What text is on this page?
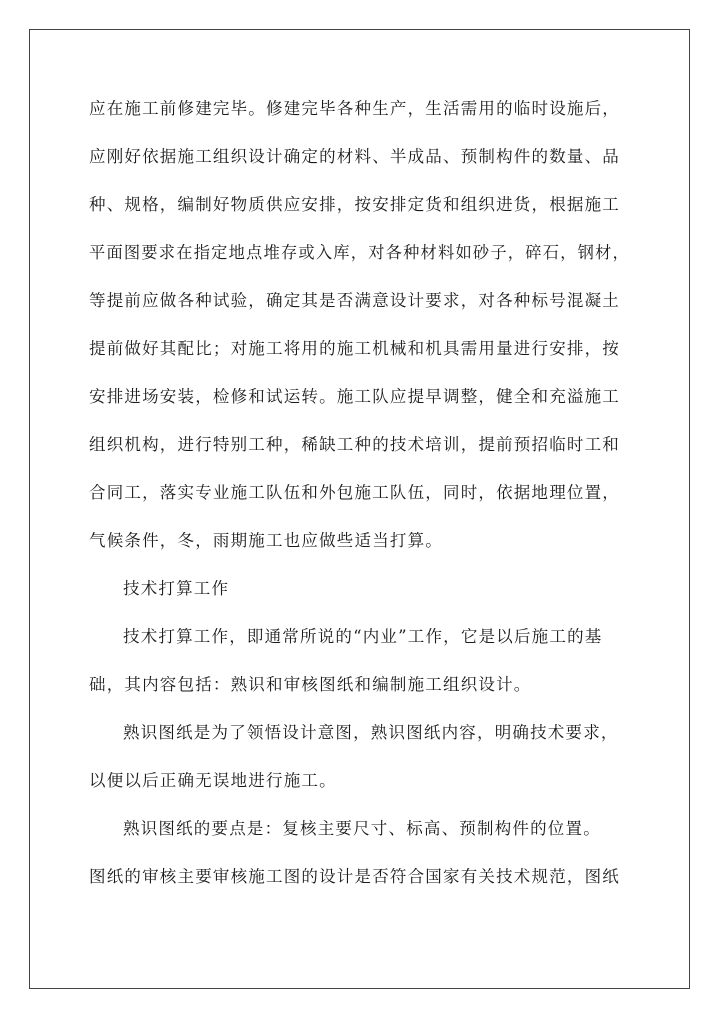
应在施工前修建完毕。修建完毕各种生产，生活需用的临时设施后，
应刚好依据施工组织设计确定的材料、半成品、预制构件的数量、品
种、规格，编制好物质供应安排，按安排定货和组织进货，根据施工
平面图要求在指定地点堆存或入库，对各种材料如砂子，碎石，钢材，
等提前应做各种试验，确定其是否满意设计要求，对各种标号混凝土
提前做好其配比；对施工将用的施工机械和机具需用量进行安排，按
安排进场安装，检修和试运转。施工队应提早调整，健全和充溢施工
组织机构，进行特别工种，稀缺工种的技术培训，提前预招临时工和
合同工，落实专业施工队伍和外包施工队伍，同时，依据地理位置，
气候条件，冬，雨期施工也应做些适当打算。
技术打算工作
技术打算工作，即通常所说的“内业”工作，它是以后施工的基
础，其内容包括：熟识和审核图纸和编制施工组织设计。
熟识图纸是为了领悟设计意图，熟识图纸内容，明确技术要求，
以便以后正确无误地进行施工。
熟识图纸的要点是：复核主要尺寸、标高、预制构件的位置。
图纸的审核主要审核施工图的设计是否符合国家有关技术规范，图纸
